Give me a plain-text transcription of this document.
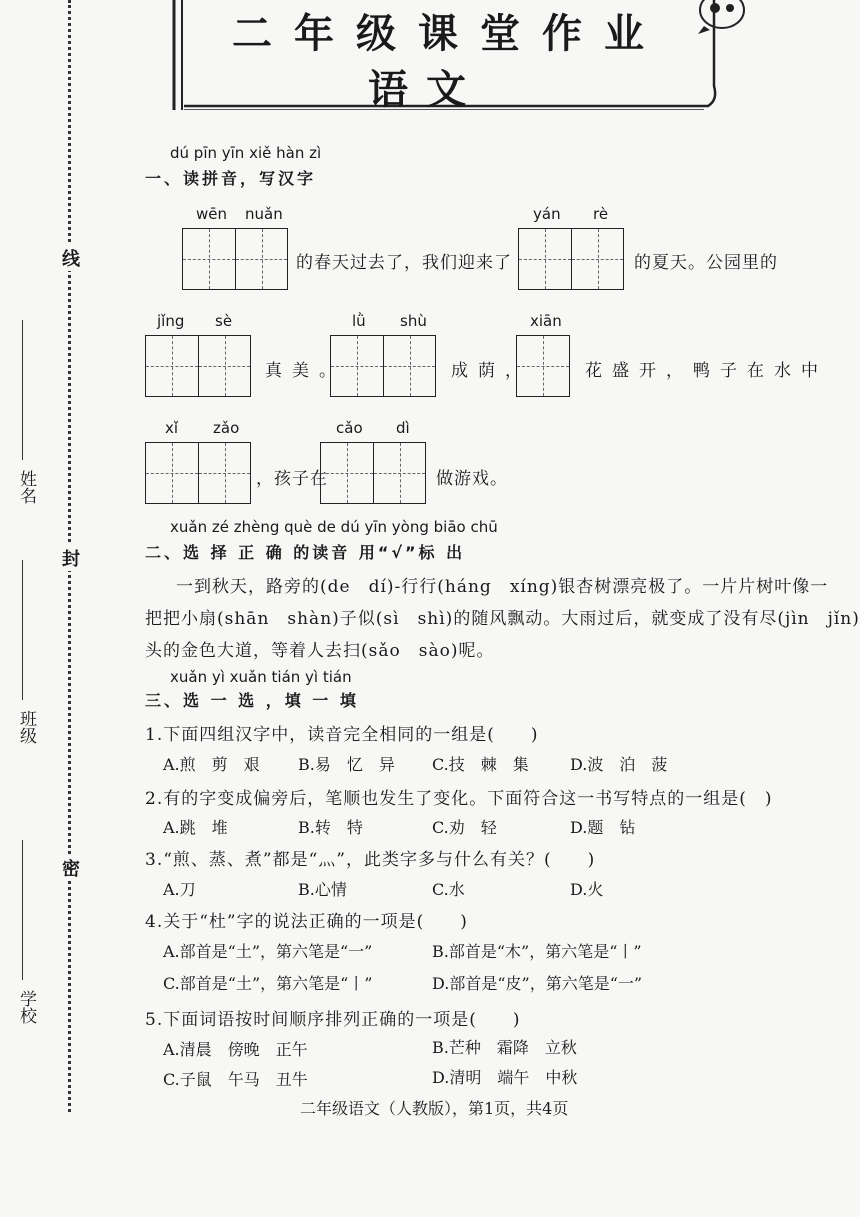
线
封
密
姓名
班级
学校
二年级课堂作业
语文
dú pīn yīn xiě hàn zì
一、读拼音，写汉字
wēn nuǎn
的春天过去了，我们迎来了
yán rè
的夏天。公园里的
jǐng sè
真美。
lǜ shù
成荫，
xiān
花盛开，鸭子在水中
xǐ zǎo
，孩子在
cǎo dì
做游戏。
xuǎn zé zhèng què de dú yīn yòng biāo chū
二、选 择 正 确 的读音 用“√”标 出
一到秋天，路旁的(de　dí)-行行(háng　xíng)银杏树漂亮极了。一片片树叶像一
把把小扇(shān　shàn)子似(sì　shì)的随风飘动。大雨过后，就变成了没有尽(jìn　jǐn)
头的金色大道，等着人去扫(sǎo　sào)呢。
xuǎn yì xuǎn tián yì tián
三、选 一 选 ，填 一 填
1.下面四组汉字中，读音完全相同的一组是(　　)
A.煎　剪　艰 B.易　忆　异 C.技　棘　集	D.波　泊　菠
2.有的字变成偏旁后，笔顺也发生了变化。下面符合这一书写特点的一组是(　)
A.跳　堆	B.转　特	C.劝　轻	D.题　钻
3.“煎、蒸、煮”都是“灬”，此类字多与什么有关？(　　)
A.刀	B.心情	C.水	D.火
4.关于“杜”字的说法正确的一项是(　　)
A.部首是“土”，第六笔是“一”	B.部首是“木”，第六笔是“丨”
C.部首是“土”，第六笔是“丨”	D.部首是“皮”，第六笔是“一”
5.下面词语按时间顺序排列正确的一项是(　　)
A.清晨　傍晚　正午	B.芒种　霜降　立秋
C.子鼠　午马　丑牛	D.清明　端午　中秋
二年级语文（人教版），第1页，共4页
